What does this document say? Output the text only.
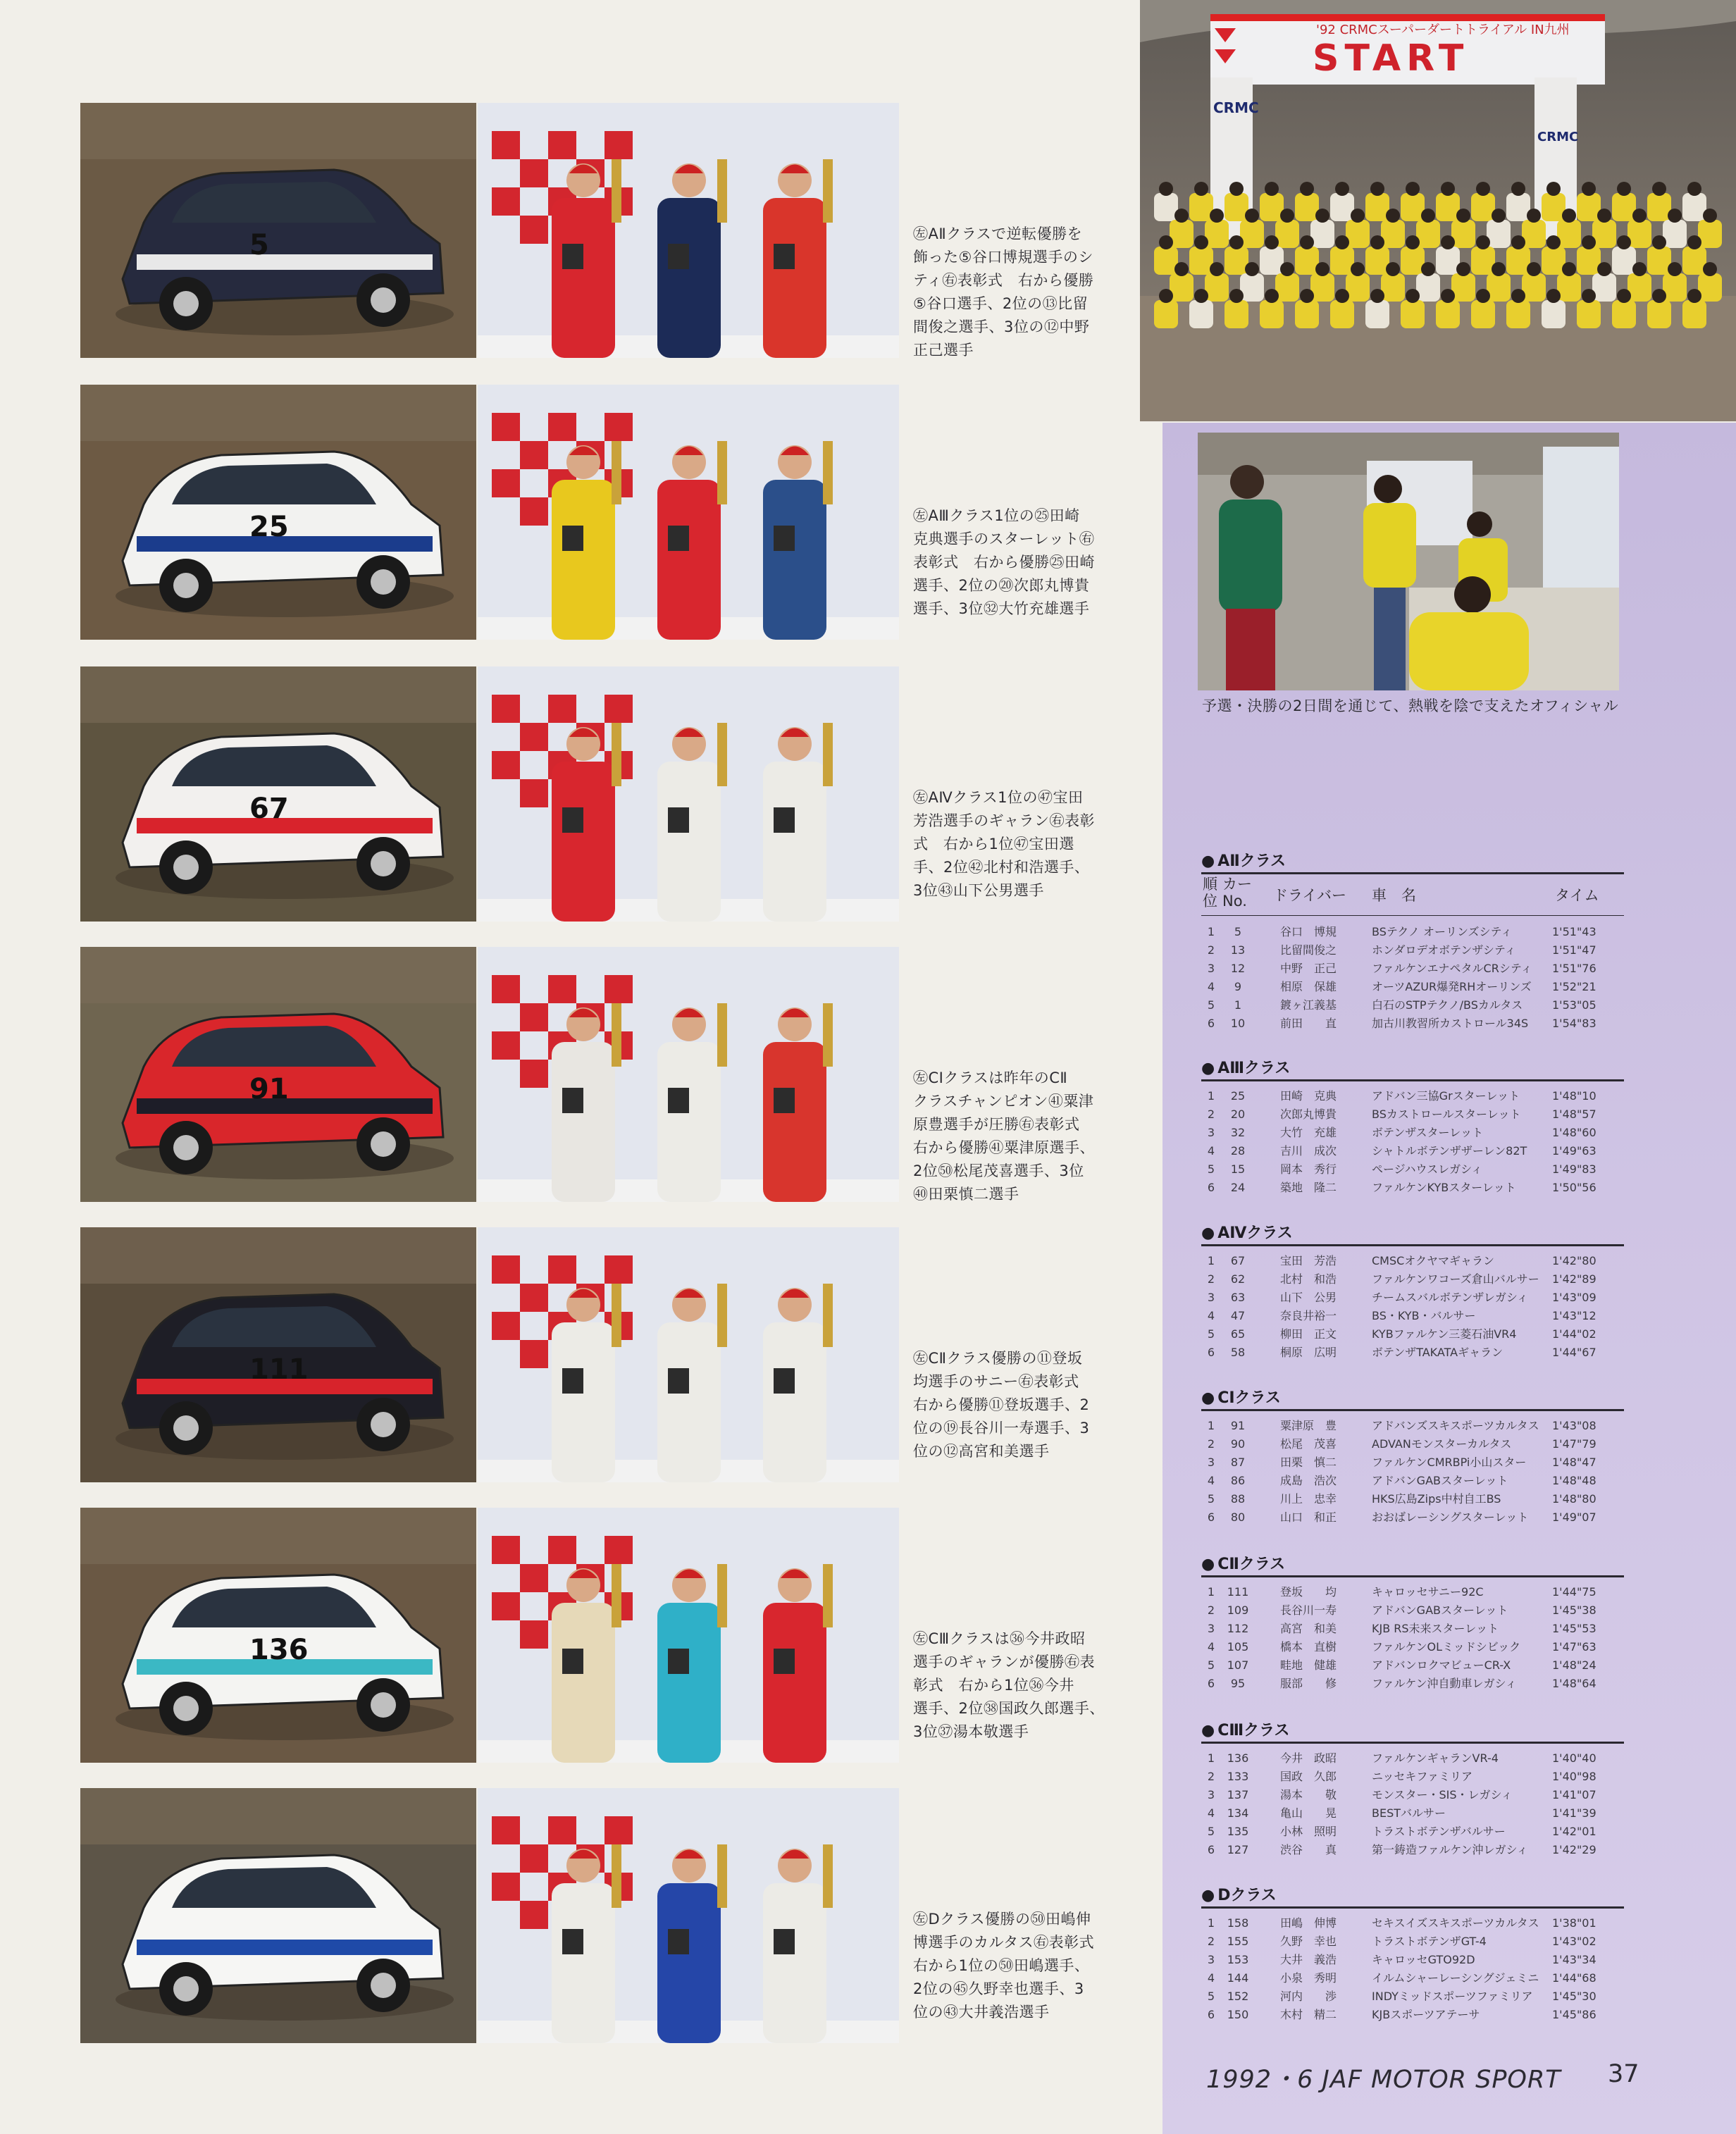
5	㊧AⅡクラスで逆転優勝を
飾った⑤谷口博規選手のシ
ティ㊨表彰式　右から優勝
⑤谷口選手、2位の⑬比留
間俊之選手、3位の⑫中野
正己選手
25	㊧AⅢクラス1位の㉕田崎
克典選手のスターレット㊨
表彰式　右から優勝㉕田崎
選手、2位の⑳次郎丸博貴
選手、3位㉜大竹充雄選手
67	㊧AⅣクラス1位の㊼宝田
芳浩選手のギャラン㊨表彰
式　右から1位㊼宝田選
手、2位㊷北村和浩選手、
3位㊸山下公男選手
91	㊧CⅠクラスは昨年のCⅡ
クラスチャンピオン㊶粟津
原豊選手が圧勝㊨表彰式
右から優勝㊶粟津原選手、
2位㊿松尾茂喜選手、3位
㊵田栗慎二選手
111	㊧CⅡクラス優勝の⑪登坂
均選手のサニー㊨表彰式
右から優勝⑪登坂選手、2
位の⑲長谷川一寿選手、3
位の⑫高宮和美選手
136	㊧CⅢクラスは㊱今井政昭
選手のギャランが優勝㊨表
彰式　右から1位㊱今井
選手、2位㊳国政久郎選手、
3位㊲湯本敬選手
㊧Dクラス優勝の㊿田嶋伸
博選手のカルタス㊨表彰式
右から1位の㊿田嶋選手、
2位の㊺久野幸也選手、3
位の㊸大井義浩選手
'92 CRMCスーパーダートトライアル IN九州
START
CRMC
CRMC
予選・決勝の2日間を通じて、熱戦を陰で支えたオフィシャル
● AⅡクラス
順
位
カー
No.	ドライバー 車　名	タイム
1	5	谷口　博規	BSテクノ オーリンズシティ	1'51"43
2	13	比留間俊之	ホンダロデオボテンザシティ	1'51"47
3	12	中野　正己	ファルケンエナペタルCRシティ 1'51"76
4	9	相原　保雄	オーツAZUR爆発RHオーリンズ 1'52"21
5	1	鍍ヶ江義基	白石のSTPテクノ/BSカルタス	1'53"05
6	10	前田　　直	加古川教習所カストロール34S 1'54"83
● AⅢクラス
1	25	田崎　克典	アドバン三協Grスターレット	1'48"10
2	20	次郎丸博貴	BSカストロールスターレット	1'48"57
3	32	大竹　充雄	ボテンザスターレット	1'48"60
4	28	吉川　成次	シャトルボテンザザーレン82T 1'49"63
5	15	岡本　秀行	ページハウスレガシィ	1'49"83
6	24	築地　隆二	ファルケンKYBスターレット	1'50"56
● AⅣクラス
1	67	宝田　芳浩	CMSCオクヤマギャラン	1'42"80
2	62	北村　和浩	ファルケンワコーズ倉山バルサー 1'42"89
3	63	山下　公男	チームスバルボテンザレガシィ 1'43"09
4	47	奈良井裕一	BS・KYB・バルサー	1'43"12
5	65	柳田　正文	KYBファルケン三菱石油VR4	1'44"02
6	58	桐原　広明	ボテンザTAKATAギャラン	1'44"67
● CⅠクラス
1	91	粟津原　豊	アドバンズスキスポーツカルタス 1'43"08
2	90	松尾　茂喜	ADVANモンスターカルタス	1'47"79
3	87	田栗　慎二	ファルケンCMRBPi小山スター 1'48"47
4	86	成島　浩次	アドバンGABスターレット	1'48"48
5	88	川上　忠幸	HKS広島Zips中村自工BS	1'48"80
6	80	山口　和正	おおばレーシングスターレット 1'49"07
● CⅡクラス
1	111	登坂　　均	キャロッセサニー92C	1'44"75
2	109	長谷川一寿	アドバンGABスターレット	1'45"38
3	112	高宮　和美	KJB RS未来スターレット	1'45"53
4	105	橋本　直樹	ファルケンOLミッドシビック	1'47"63
5	107	畦地　健雄	アドバンロクマビューCR-X	1'48"24
6	95	服部　　修	ファルケン沖自動車レガシィ	1'48"64
● CⅢクラス
1	136	今井　政昭	ファルケンギャランVR-4	1'40"40
2	133	国政　久郎	ニッセキファミリア	1'40"98
3	137	湯本　　敬	モンスター・SIS・レガシィ	1'41"07
4	134	亀山　　晃	BESTバルサー	1'41"39
5	135	小林　照明	トラストボテンザバルサー	1'42"01
6	127	渋谷　　真	第一鋳造ファルケン沖レガシィ 1'42"29
● Dクラス
1	158	田嶋　伸博	セキスイズスキスポーツカルタス 1'38"01
2	155	久野　幸也	トラストボテンザGT-4	1'43"02
3	153	大井　義浩	キャロッセGTO92D	1'43"34
4	144	小泉　秀明	イルムシャーレーシングジェミニ 1'44"68
5	152	河内　　渉	INDYミッドスポーツファミリア 1'45"30
6	150	木村　精二	KJBスポーツアテーサ	1'45"86
1992・6 JAF MOTOR SPORT 37
